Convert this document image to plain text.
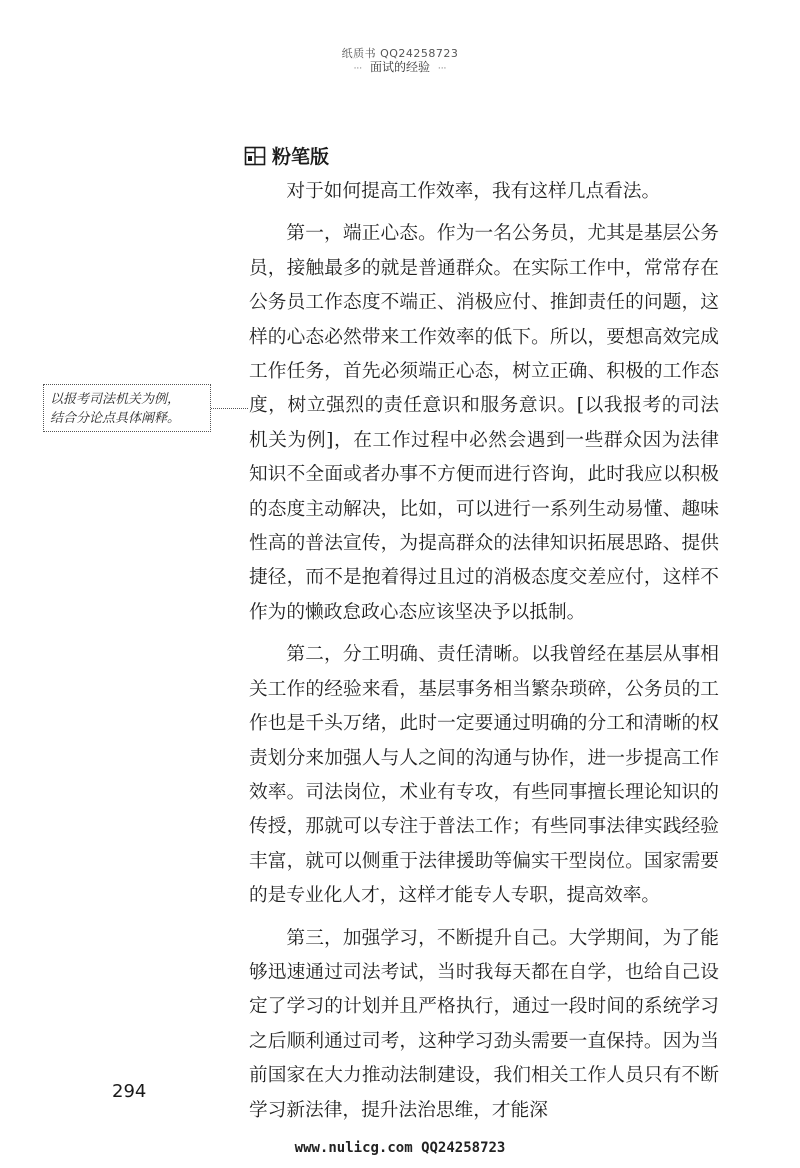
纸质书 QQ24258723
··· 面试的经验 ···
粉笔版

对于如何提高工作效率，我有这样几点看法。

第一，端正心态。作为一名公务员，尤其是基层公务员，接触最多的就是普通群众。在实际工作中，常常存在公务员工作态度不端正、消极应付、推卸责任的问题，这样的心态必然带来工作效率的低下。所以，要想高效完成工作任务，首先必须端正心态，树立正确、积极的工作态度，树立强烈的责任意识和服务意识。[以我报考的司法机关为例]，在工作过程中必然会遇到一些群众因为法律知识不全面或者办事不方便而进行咨询，此时我应以积极的态度主动解决，比如，可以进行一系列生动易懂、趣味性高的普法宣传，为提高群众的法律知识拓展思路、提供捷径，而不是抱着得过且过的消极态度交差应付，这样不作为的懒政怠政心态应该坚决予以抵制。

第二，分工明确、责任清晰。以我曾经在基层从事相关工作的经验来看，基层事务相当繁杂琐碎，公务员的工作也是千头万绪，此时一定要通过明确的分工和清晰的权责划分来加强人与人之间的沟通与协作，进一步提高工作效率。司法岗位，术业有专攻，有些同事擅长理论知识的传授，那就可以专注于普法工作；有些同事法律实践经验丰富，就可以侧重于法律援助等偏实干型岗位。国家需要的是专业化人才，这样才能专人专职，提高效率。

第三，加强学习，不断提升自己。大学期间，为了能够迅速通过司法考试，当时我每天都在自学，也给自己设定了学习的计划并且严格执行，通过一段时间的系统学习之后顺利通过司考，这种学习劲头需要一直保持。因为当前国家在大力推动法制建设，我们相关工作人员只有不断学习新法律，提升法治思维，才能深

以报考司法机关为例，
结合分论点具体阐释。
294
www.nulicg.com QQ24258723
